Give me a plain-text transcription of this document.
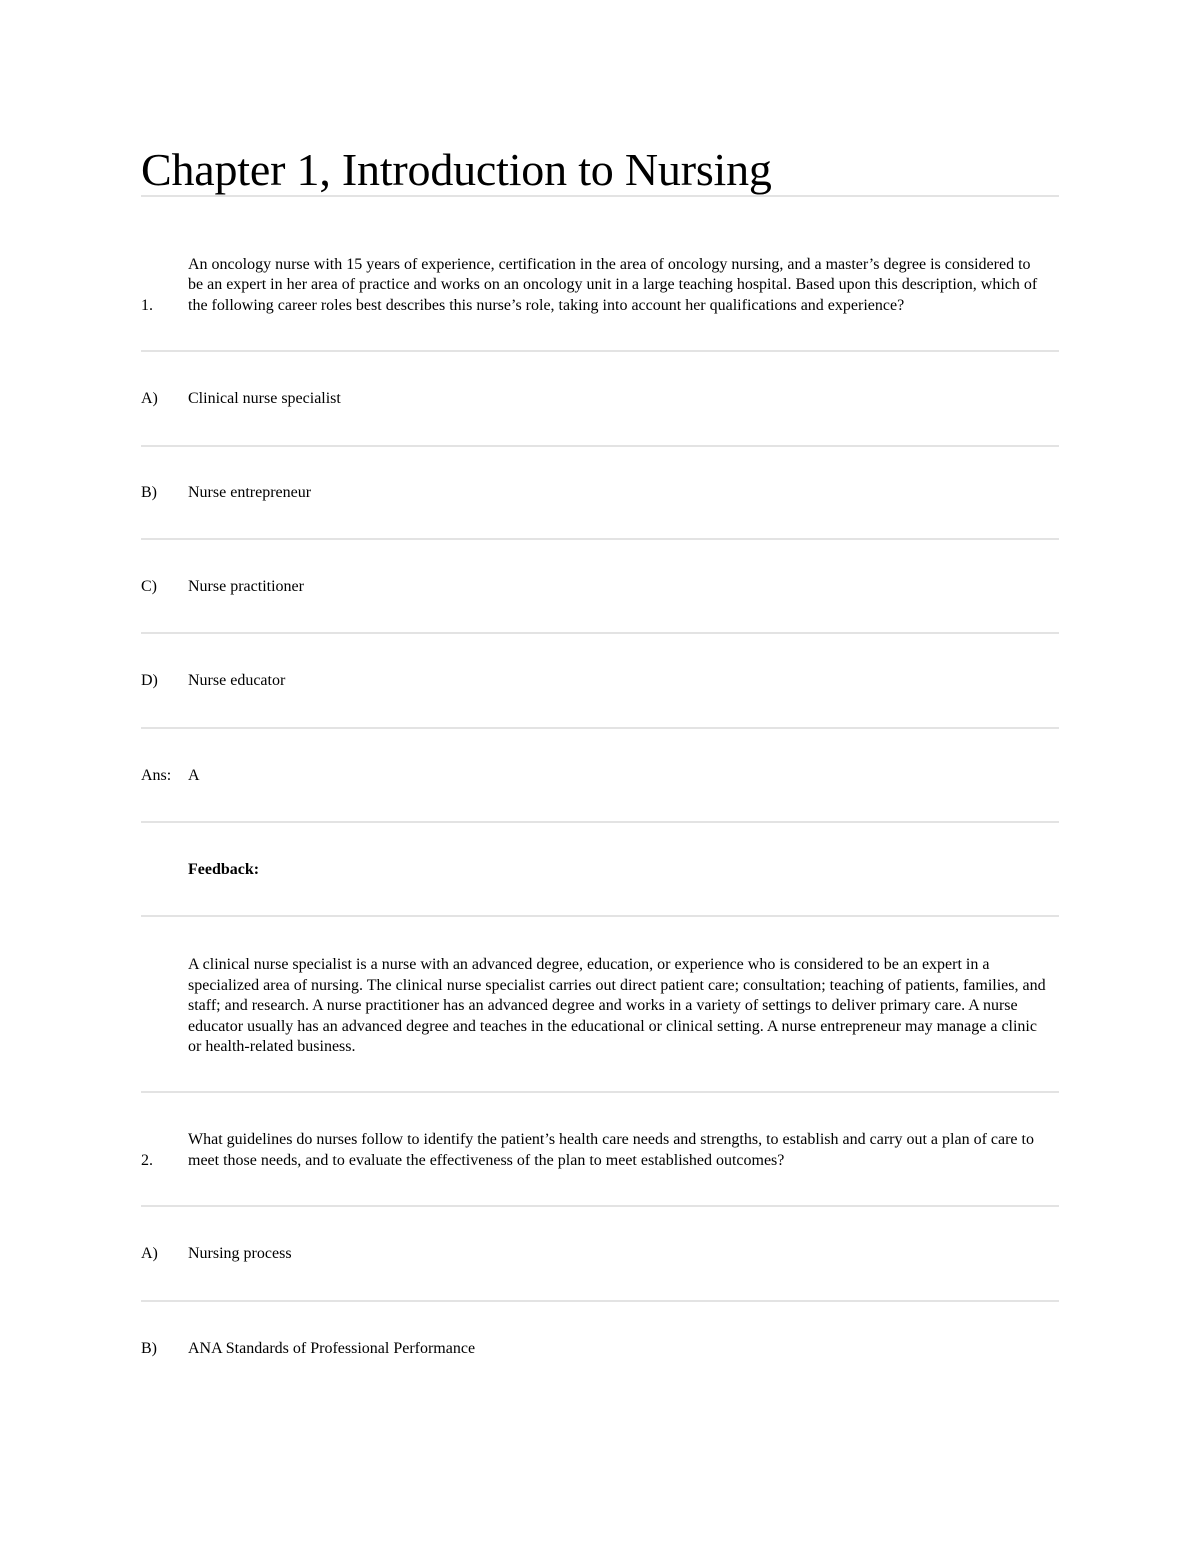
Chapter 1, Introduction to Nursing
1.
An oncology nurse with 15 years of experience, certification in the area of oncology nursing, and a master’s degree is considered to be an expert in her area of practice and works on an oncology unit in a large teaching hospital. Based upon this description, which of the following career roles best describes this nurse’s role, taking into account her qualifications and experience?
A)	Clinical nurse specialist
B)	Nurse entrepreneur
C)	Nurse practitioner
D)	Nurse educator
Ans:	A
Feedback:
A clinical nurse specialist is a nurse with an advanced degree, education, or experience who is considered to be an expert in a specialized area of nursing. The clinical nurse specialist carries out direct patient care; consultation; teaching of patients, families, and staff; and research. A nurse practitioner has an advanced degree and works in a variety of settings to deliver primary care. A nurse educator usually has an advanced degree and teaches in the educational or clinical setting. A nurse entrepreneur may manage a clinic or health-related business.
2.
What guidelines do nurses follow to identify the patient’s health care needs and strengths, to establish and carry out a plan of care to meet those needs, and to evaluate the effectiveness of the plan to meet established outcomes?
A)	Nursing process
B)	ANA Standards of Professional Performance
